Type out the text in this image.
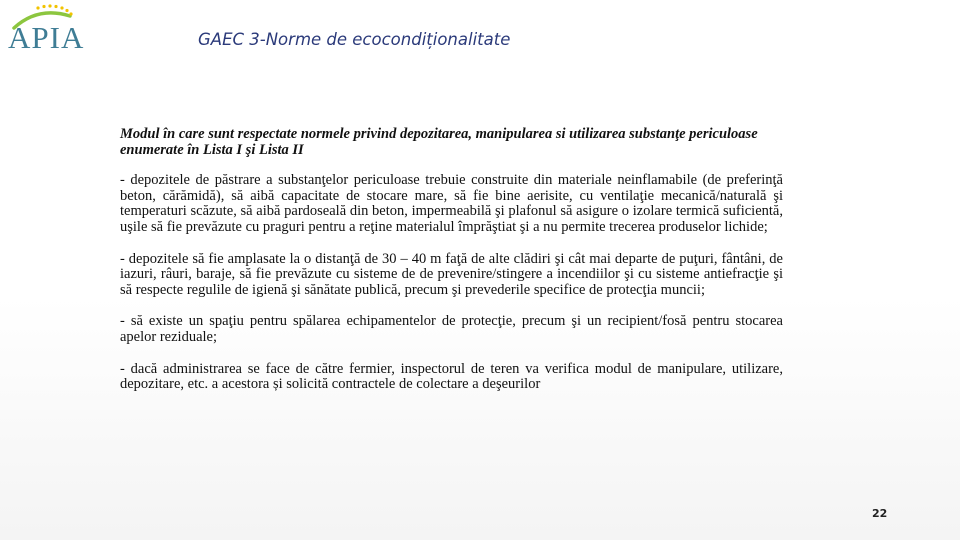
APIA	GAEC 3-Norme de ecocondiționalitate

Modul în care sunt respectate normele privind depozitarea, manipularea si utilizarea substanţe periculoase enumerate în Lista I şi Lista II

- depozitele de păstrare a substanţelor periculoase trebuie construite din materiale neinflamabile (de preferinţă beton, cărămidă), să aibă capacitate de stocare mare, să fie bine aerisite, cu ventilaţie mecanică/naturală şi temperaturi scăzute, să aibă pardoseală din beton, impermeabilă şi plafonul să asigure o izolare termică suficientă, uşile să fie prevăzute cu praguri pentru a reţine materialul împrăştiat şi a nu permite trecerea produselor lichide;

- depozitele să fie amplasate la o distanţă de 30 – 40 m faţă de alte clădiri şi cât mai departe de puţuri, fântâni, de iazuri, râuri, baraje, să fie prevăzute cu sisteme de de prevenire/stingere a incendiilor şi cu sisteme antiefracţie şi să respecte regulile de igienă şi sănătate publică, precum şi prevederile specifice de protecţia muncii;

- să existe un spaţiu pentru spălarea echipamentelor de protecţie, precum şi un recipient/fosă pentru stocarea apelor reziduale;

- dacă administrarea se face de către fermier, inspectorul de teren va verifica modul de manipulare, utilizare, depozitare, etc. a acestora și solicită contractele de colectare a deşeurilor

22
